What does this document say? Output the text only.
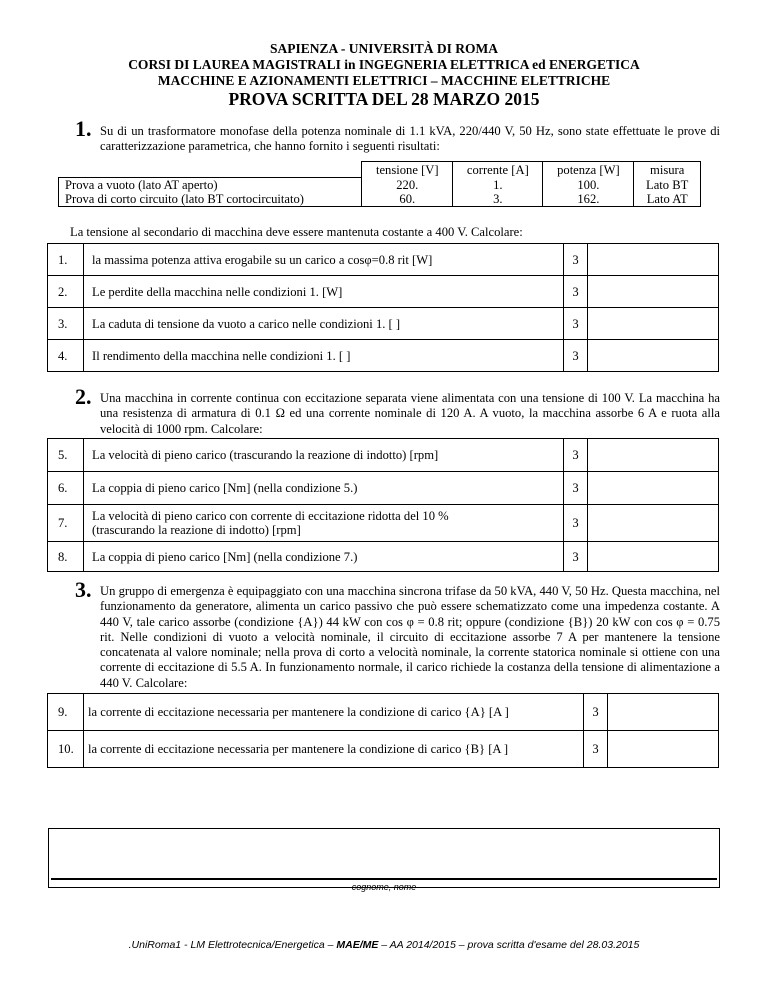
SAPIENZA - UNIVERSITÀ DI ROMA
CORSI DI LAUREA MAGISTRALI in INGEGNERIA ELETTRICA ed ENERGETICA
MACCHINE E AZIONAMENTI ELETTRICI – MACCHINE ELETTRICHE
PROVA SCRITTA DEL 28 MARZO 2015
1. Su di un trasformatore monofase della potenza nominale di 1.1 kVA, 220/440 V, 50 Hz, sono state effettuate le prove di caratterizzazione parametrica, che hanno fornito i seguenti risultati:
	tensione [V]	corrente [A]	potenza [W]	misura
Prova a vuoto (lato AT aperto)	220.	1.	100.	Lato BT
Prova di corto circuito (lato BT cortocircuitato)	60.	3.	162.	Lato AT
La tensione al secondario di macchina deve essere mantenuta costante a 400 V. Calcolare:
1.	la massima potenza attiva erogabile su un carico a cosφ=0.8 rit [W]	3	
2.	Le perdite della macchina nelle condizioni 1. [W]	3	
3.	La caduta di tensione da vuoto a carico nelle condizioni 1. [ ]	3	
4.	Il rendimento della macchina nelle condizioni 1. [ ]	3	
2. Una macchina in corrente continua con eccitazione separata viene alimentata con una tensione di 100 V. La macchina ha una resistenza di armatura di 0.1 Ω ed una corrente nominale di 120 A. A vuoto, la macchina assorbe 6 A e ruota alla velocità di 1000 rpm. Calcolare:
5.	La velocità di pieno carico (trascurando la reazione di indotto) [rpm]	3	
6.	La coppia di pieno carico [Nm] (nella condizione 5.)	3	
7.	La velocità di pieno carico con corrente di eccitazione ridotta del 10 %
(trascurando la reazione di indotto) [rpm]	3	
8.	La coppia di pieno carico [Nm] (nella condizione 7.)	3	
3. Un gruppo di emergenza è equipaggiato con una macchina sincrona trifase da 50 kVA, 440 V, 50 Hz. Questa macchina, nel funzionamento da generatore, alimenta un carico passivo che può essere schematizzato come una impedenza costante. A 440 V, tale carico assorbe (condizione {A}) 44 kW con cos φ = 0.8 rit; oppure (condizione {B}) 20 kW con cos φ = 0.75 rit. Nelle condizioni di vuoto a velocità nominale, il circuito di eccitazione assorbe 7 A per mantenere la tensione concatenata al valore nominale; nella prova di corto a velocità nominale, la corrente statorica nominale si ottiene con una corrente di eccitazione di 5.5 A. In funzionamento normale, il carico richiede la costanza della tensione di alimentazione a 440 V. Calcolare:
9.	la corrente di eccitazione necessaria per mantenere la condizione di carico {A} [A ]	3	
10.	la corrente di eccitazione necessaria per mantenere la condizione di carico {B} [A ]	3	
cognome, nome
.UniRoma1 - LM Elettrotecnica/Energetica – MAE/ME – AA 2014/2015 – prova scritta d'esame del 28.03.2015
